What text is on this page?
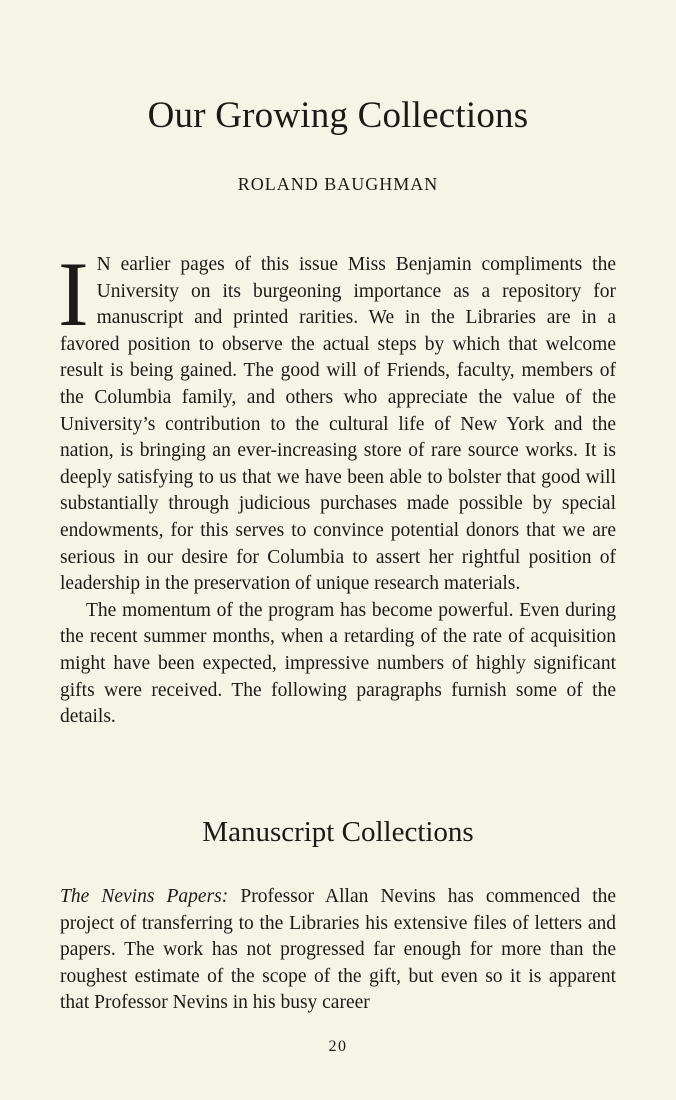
Our Growing Collections
ROLAND BAUGHMAN

I N earlier pages of this issue Miss Benjamin compliments the University on its burgeoning importance as a repository for manuscript and printed rarities. We in the Libraries are in a favored position to observe the actual steps by which that welcome result is being gained. The good will of Friends, faculty, members of the Columbia family, and others who appreciate the value of the University’s contribution to the cultural life of New York and the nation, is bringing an ever-increasing store of rare source works. It is deeply satisfying to us that we have been able to bolster that good will substantially through judicious purchases made possible by special endowments, for this serves to convince potential donors that we are serious in our desire for Columbia to assert her rightful position of leadership in the preservation of unique research materials.

The momentum of the program has become powerful. Even during the recent summer months, when a retarding of the rate of acquisition might have been expected, impressive numbers of highly significant gifts were received. The following paragraphs furnish some of the details.

Manuscript Collections

The Nevins Papers: Professor Allan Nevins has commenced the project of transferring to the Libraries his extensive files of letters and papers. The work has not progressed far enough for more than the roughest estimate of the scope of the gift, but even so it is apparent that Professor Nevins in his busy career

20
